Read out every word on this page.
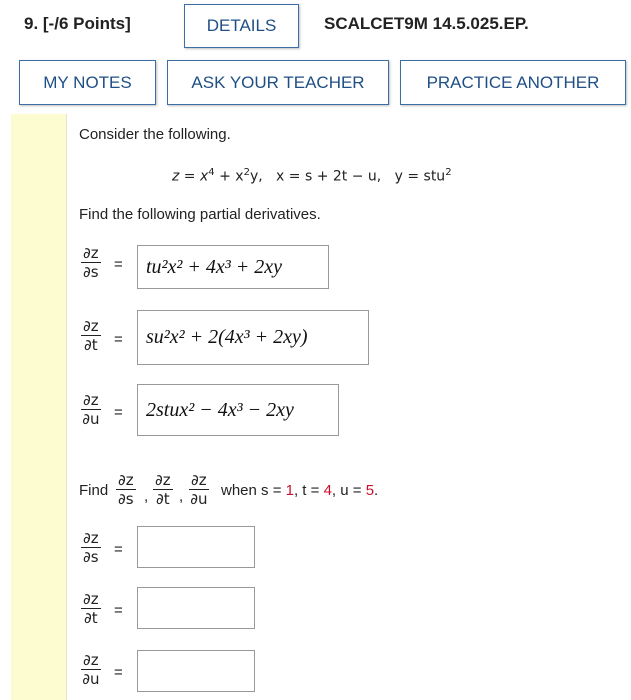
9. [-/6 Points]	DETAILS	SCALCET9M 14.5.025.EP.
MY NOTES	ASK YOUR TEACHER	PRACTICE ANOTHER
Consider the following.
$z = x^4 + x^2y$, x = s + 2t − u, y = stu$^2$
Find the following partial derivatives.
$\frac{\partial z}{\partial s}$ =	tu²x² + 4x³ + 2xy
$\frac{\partial z}{\partial t}$ =	su²x² + 2(4x³ + 2xy)
$\frac{\partial z}{\partial u}$ =	2stux² − 4x³ − 2xy
Find $\frac{\partial z}{\partial s}$ , $\frac{\partial z}{\partial t}$ , $\frac{\partial z}{\partial u}$ when s = 1, t = 4, u = 5.
$\frac{\partial z}{\partial s}$ =
$\frac{\partial z}{\partial t}$ =
$\frac{\partial z}{\partial u}$ =
